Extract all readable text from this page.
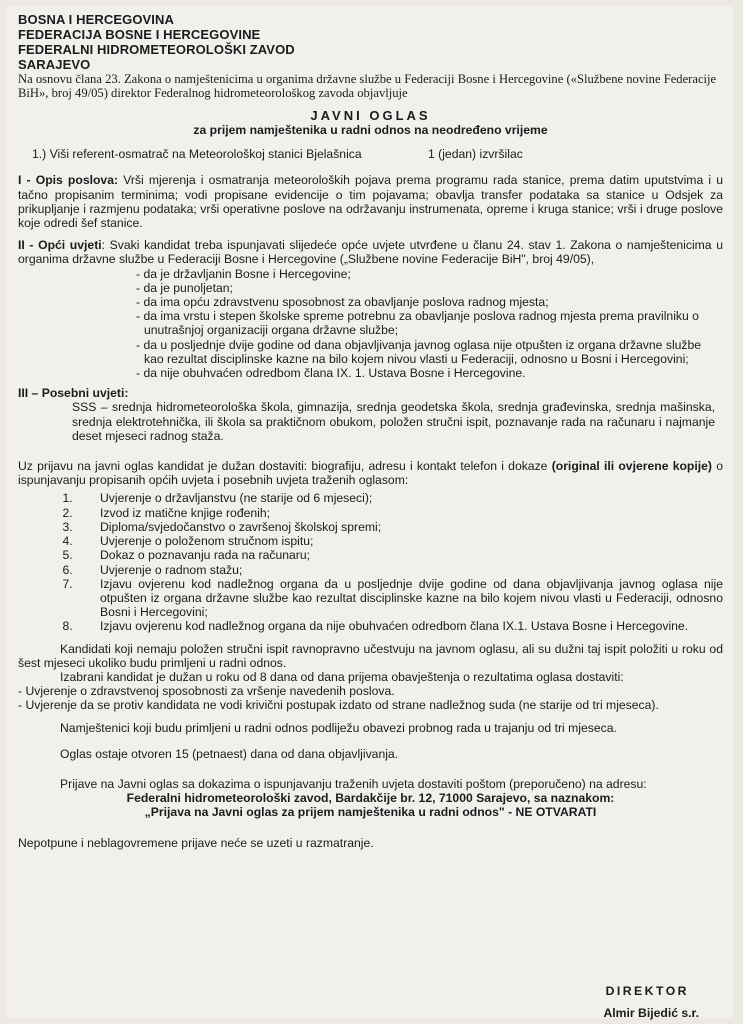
BOSNA I HERCEGOVINA
FEDERACIJA BOSNE I HERCEGOVINE
FEDERALNI HIDROMETEOROLOŠKI ZAVOD
SARAJEVO
Na osnovu člana 23. Zakona o namještenicima u organima državne službe u Federaciji Bosne i Hercegovine («Službene novine Federacije BiH», broj 49/05) direktor Federalnog hidrometeorološkog zavoda objavljuje
JAVNI OGLAS
za prijem namještenika u radni odnos na neodređeno vrijeme
1.) Viši referent-osmatrač na Meteorološkoj stanici Bjelašnica	1 (jedan) izvršilac
I - Opis poslova: Vrši mjerenja i osmatranja meteoroloških pojava prema programu rada stanice, prema datim uputstvima i u tačno propisanim terminima; vodi propisane evidencije o tim pojavama; obavlja transfer podataka sa stanice u Odsjek za prikupljanje i razmjenu podataka; vrši operativne poslove na održavanju instrumenata, opreme i kruga stanice; vrši i druge poslove koje odredi šef stanice.
II - Opći uvjeti: Svaki kandidat treba ispunjavati slijedeće opće uvjete utvrđene u članu 24. stav 1. Zakona o namještenicima u organima državne službe u Federaciji Bosne i Hercegovine („Službene novine Federacije BiH", broj 49/05),
- da je državljanin Bosne i Hercegovine;
- da je punoljetan;
- da ima opću zdravstvenu sposobnost za obavljanje poslova radnog mjesta;
- da ima vrstu i stepen školske spreme potrebnu za obavljanje poslova radnog mjesta prema pravilniku o unutrašnjoj organizaciji organa državne službe;
- da u posljednje dvije godine od dana objavljivanja javnog oglasa nije otpušten iz organa državne službe kao rezultat disciplinske kazne na bilo kojem nivou vlasti u Federaciji, odnosno u Bosni i Hercegovini;
- da nije obuhvaćen odredbom člana IX. 1. Ustava Bosne i Hercegovine.
III – Posebni uvjeti:
SSS – srednja hidrometeorološka škola, gimnazija, srednja geodetska škola, srednja građevinska, srednja mašinska, srednja elektrotehnička, ili škola sa praktičnom obukom, položen stručni ispit, poznavanje rada na računaru i najmanje deset mjeseci radnog staža.
Uz prijavu na javni oglas kandidat je dužan dostaviti: biografiju, adresu i kontakt telefon i dokaze (original ili ovjerene kopije) o ispunjavanju propisanih općih uvjeta i posebnih uvjeta traženih oglasom:
1. Uvjerenje o državljanstvu (ne starije od 6 mjeseci);
2. Izvod iz matične knjige rođenih;
3. Diploma/svjedočanstvo o završenoj školskoj spremi;
4. Uvjerenje o položenom stručnom ispitu;
5. Dokaz o poznavanju rada na računaru;
6. Uvjerenje o radnom stažu;
7. Izjavu ovjerenu kod nadležnog organa da u posljednje dvije godine od dana objavljivanja javnog oglasa nije otpušten iz organa državne službe kao rezultat disciplinske kazne na bilo kojem nivou vlasti u Federaciji, odnosno Bosni i Hercegovini;
8. Izjavu ovjerenu kod nadležnog organa da nije obuhvaćen odredbom člana IX.1. Ustava Bosne i Hercegovine.
Kandidati koji nemaju položen stručni ispit ravnopravno učestvuju na javnom oglasu, ali su dužni taj ispit položiti u roku od šest mjeseci ukoliko budu primljeni u radni odnos.
Izabrani kandidat je dužan u roku od 8 dana od dana prijema obavještenja o rezultatima oglasa dostaviti:
- Uvjerenje o zdravstvenoj sposobnosti za vršenje navedenih poslova.
- Uvjerenje da se protiv kandidata ne vodi krivični postupak izdato od strane nadležnog suda (ne starije od tri mjeseca).
Namještenici koji budu primljeni u radni odnos podliježu obavezi probnog rada u trajanju od tri mjeseca.
Oglas ostaje otvoren 15 (petnaest) dana od dana objavljivanja.
Prijave na Javni oglas sa dokazima o ispunjavanju traženih uvjeta dostaviti poštom (preporučeno) na adresu:
Federalni hidrometeorološki zavod, Bardakčije br. 12, 71000 Sarajevo, sa naznakom:
„Prijava na Javni oglas za prijem namještenika u radni odnos" - NE OTVARATI
Nepotpune i neblagovremene prijave neće se uzeti u razmatranje.
DIREKTOR
Almir Bijedić s.r.
